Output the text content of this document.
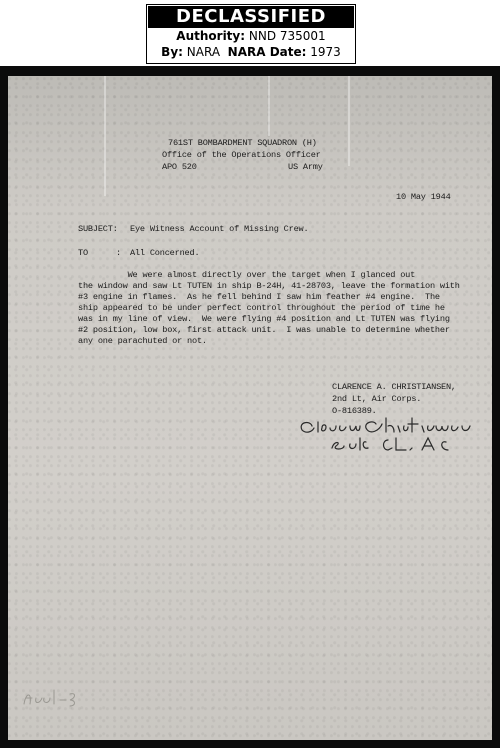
DECLASSIFIED
Authority: NND 735001
By: NARA NARA Date: 1973
761ST BOMBARDMENT SQUADRON (H)
Office of the Operations Officer
APO 520	US Army
10 May 1944
SUBJECT: Eye Witness Account of Missing Crew.
TO	: All Concerned.
We were almost directly over the target when I glanced out
the window and saw Lt TUTEN in ship B-24H, 41-28703, leave the formation with
#3 engine in flames.  As he fell behind I saw him feather #4 engine.  The
ship appeared to be under perfect control throughout the period of time he
was in my line of view.  We were flying #4 position and Lt TUTEN was flying
#2 position, low box, first attack unit.  I was unable to determine whether
any one parachuted or not.
CLARENCE A. CHRISTIANSEN,
2nd Lt, Air Corps.
O-816389.
